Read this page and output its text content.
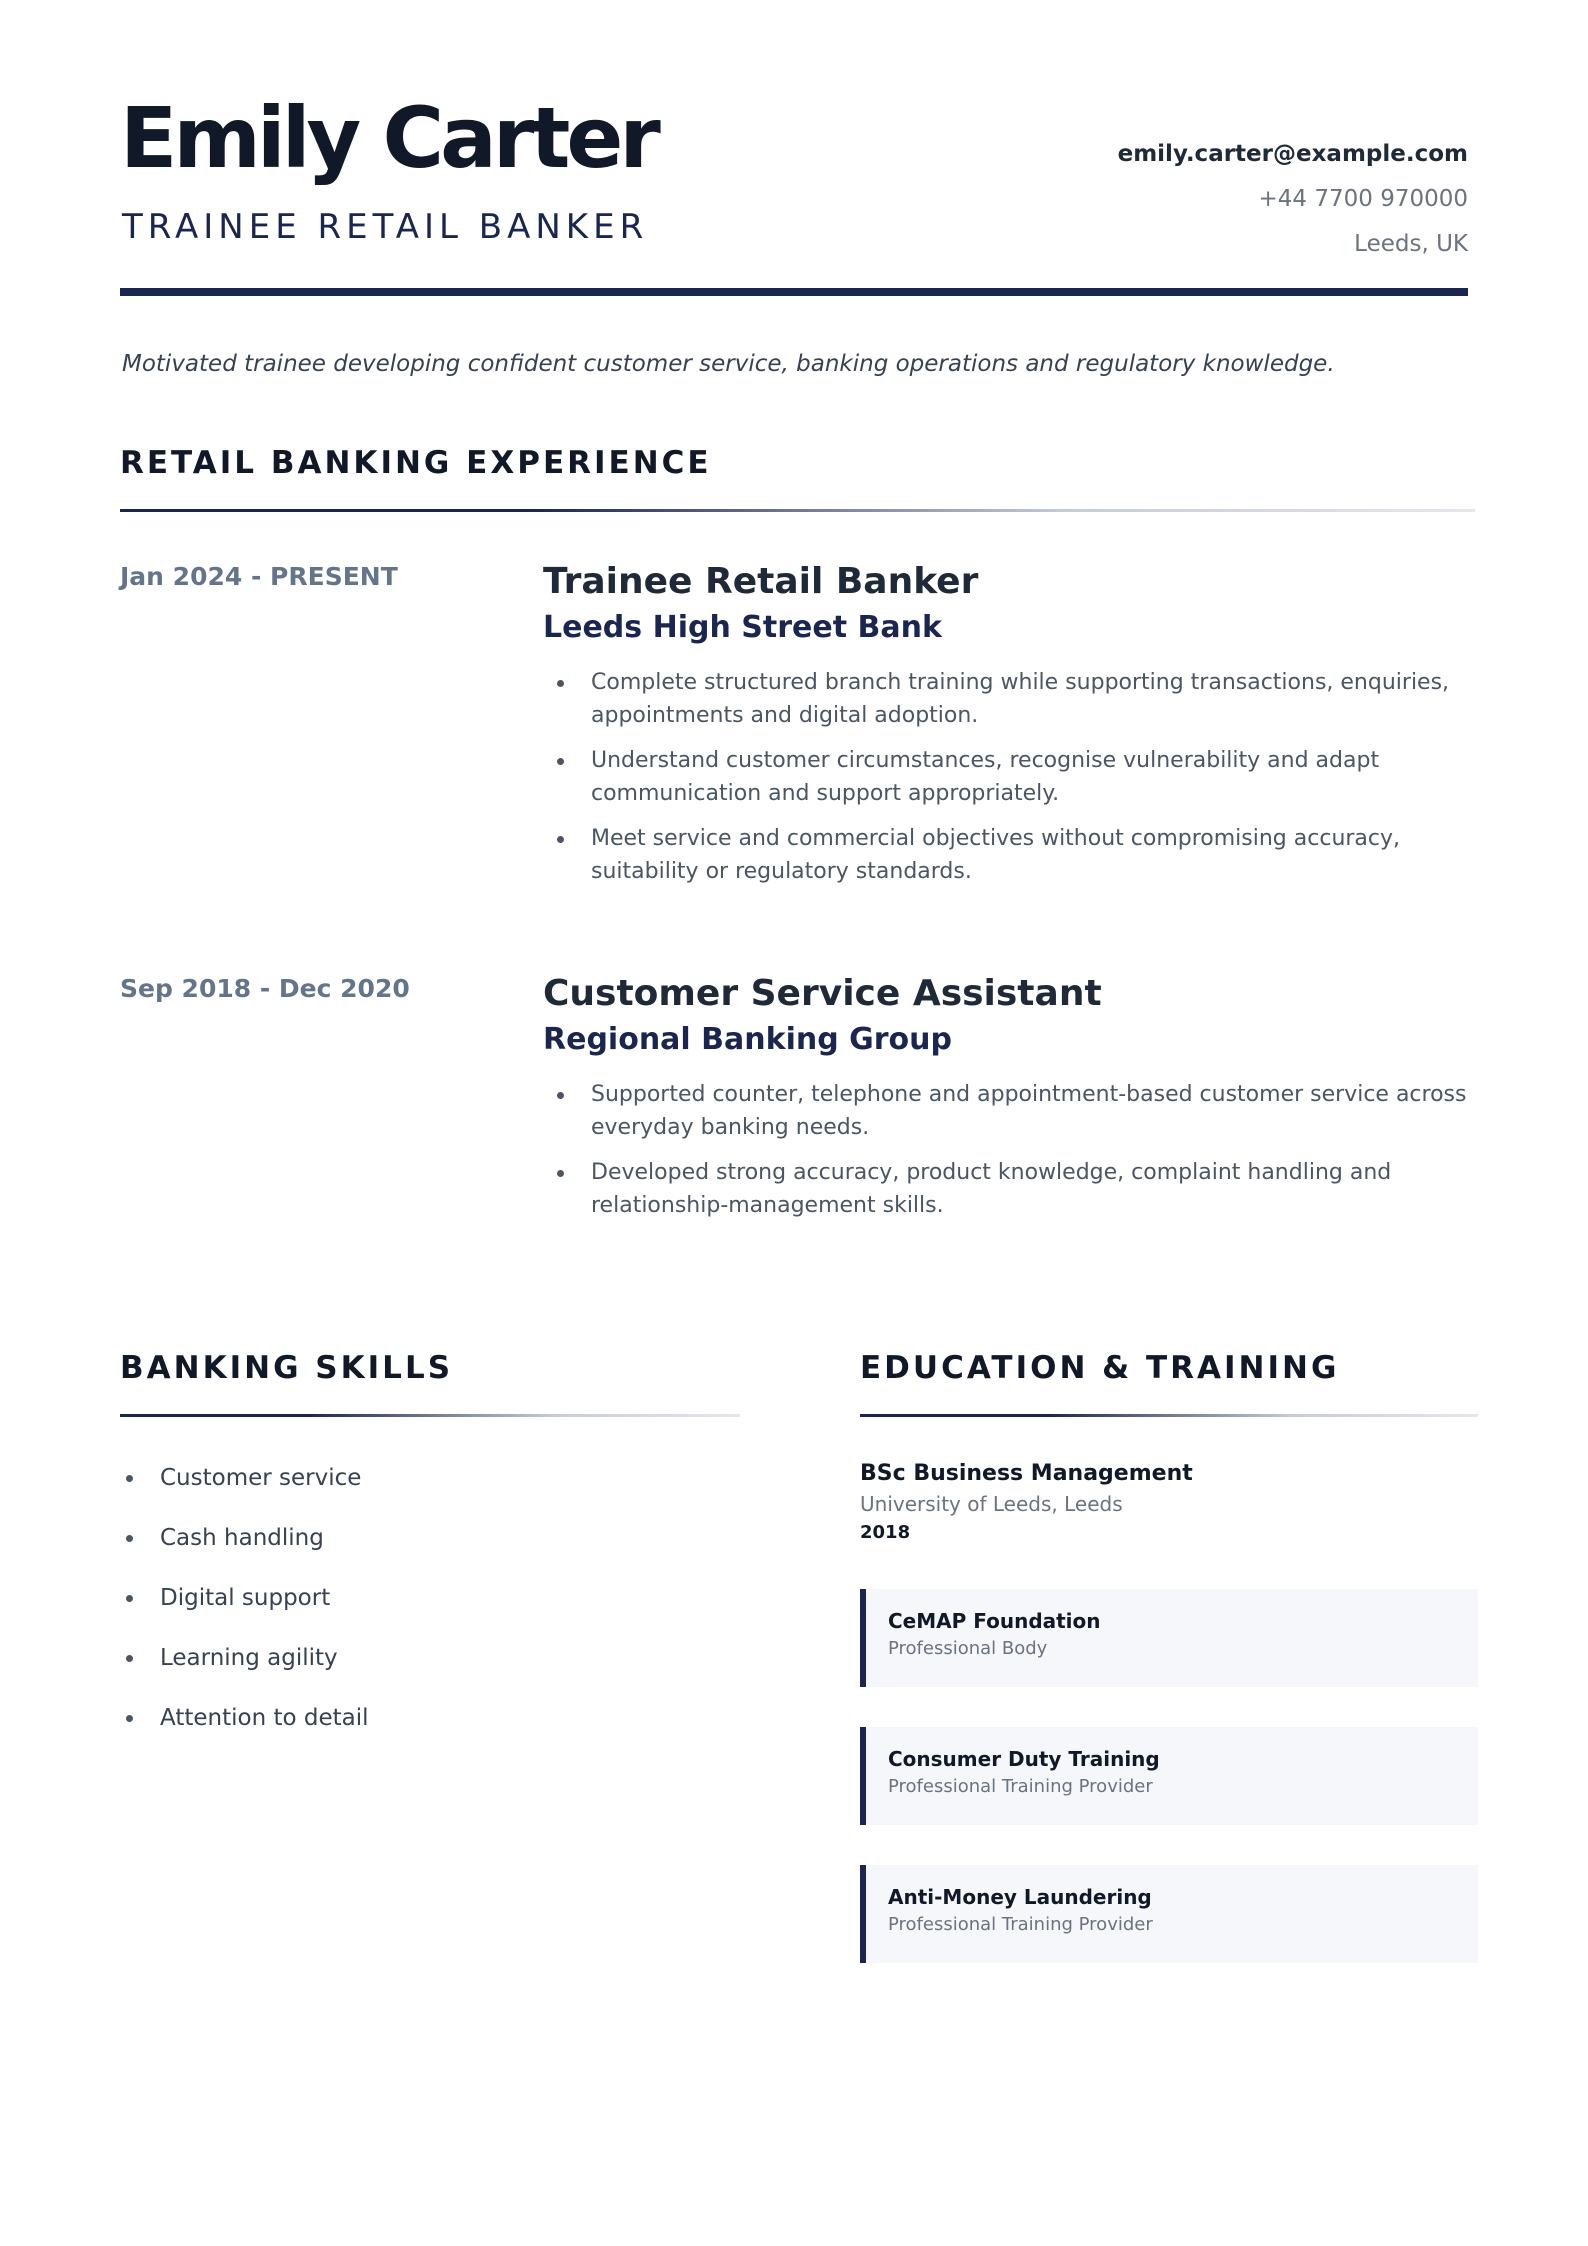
Emily Carter
TRAINEE RETAIL BANKER
emily.carter@example.com
+44 7700 970000
Leeds, UK

Motivated trainee developing confident customer service, banking operations and regulatory knowledge.

RETAIL BANKING EXPERIENCE
Jan 2024 - PRESENT	Trainee Retail Banker
Leeds High Street Bank
Complete structured branch training while supporting transactions, enquiries, appointments and digital adoption.
Understand customer circumstances, recognise vulnerability and adapt communication and support appropriately.
Meet service and commercial objectives without compromising accuracy, suitability or regulatory standards.
Sep 2018 - Dec 2020	Customer Service Assistant
Regional Banking Group
Supported counter, telephone and appointment-based customer service across everyday banking needs.
Developed strong accuracy, product knowledge, complaint handling and relationship-management skills.
BANKING SKILLS
Customer service
Cash handling
Digital support
Learning agility
Attention to detail
EDUCATION & TRAINING
BSc Business Management
University of Leeds, Leeds
2018
CeMAP Foundation
Professional Body
Consumer Duty Training
Professional Training Provider
Anti-Money Laundering
Professional Training Provider
